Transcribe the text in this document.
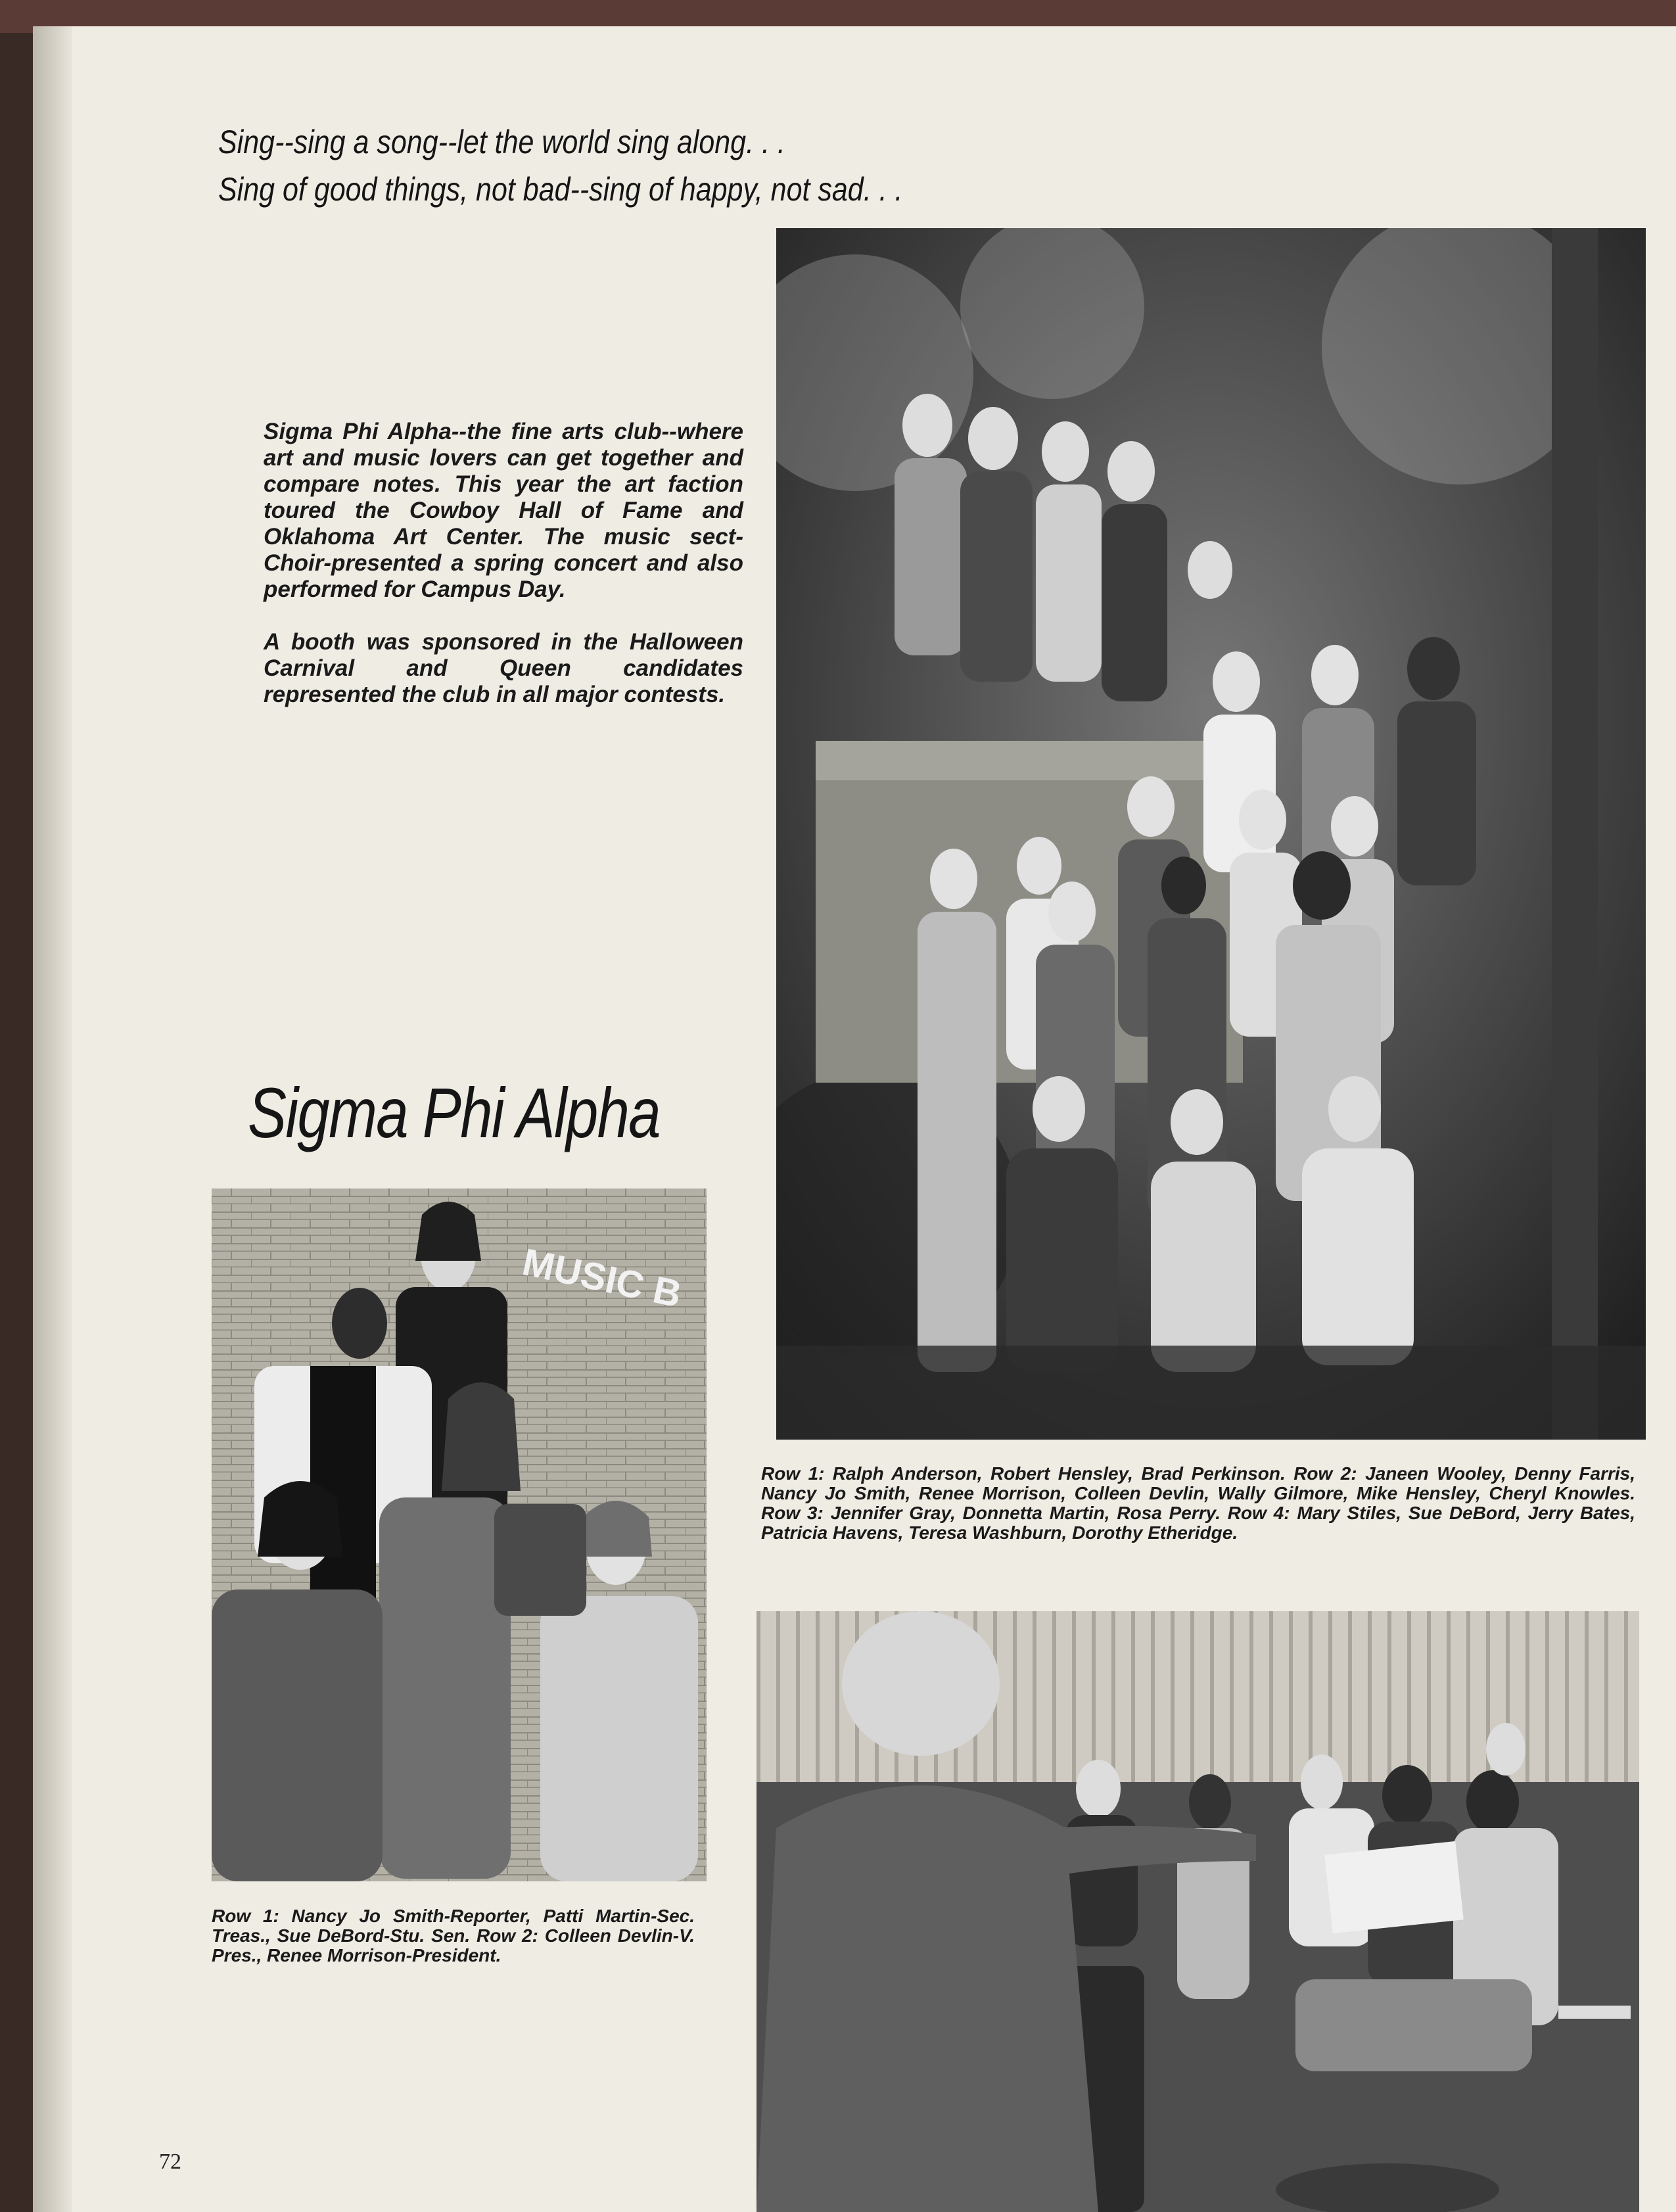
Sing--sing a song--let the world sing along. . .
Sing of good things, not bad--sing of happy, not sad. . .

Sigma Phi Alpha--the fine arts club--where art and music lovers can get together and compare notes. This year the art faction toured the Cowboy Hall of Fame and Oklahoma Art Center. The music sect-Choir-presented a spring concert and also performed for Campus Day.

A booth was sponsored in the Halloween Carnival and Queen candidates represented the club in all major contests.

Sigma Phi Alpha
MUSIC B
Row 1: Nancy Jo Smith-Reporter, Patti Martin-Sec. Treas., Sue DeBord-Stu. Sen. Row 2: Colleen Devlin-V. Pres., Renee Morrison-President.
Row 1: Ralph Anderson, Robert Hensley, Brad Perkinson. Row 2: Janeen Wooley, Denny Farris, Nancy Jo Smith, Renee Morrison, Colleen Devlin, Wally Gilmore, Mike Hensley, Cheryl Knowles. Row 3: Jennifer Gray, Donnetta Martin, Rosa Perry. Row 4: Mary Stiles, Sue DeBord, Jerry Bates, Patricia Havens, Teresa Washburn, Dorothy Etheridge.
72
